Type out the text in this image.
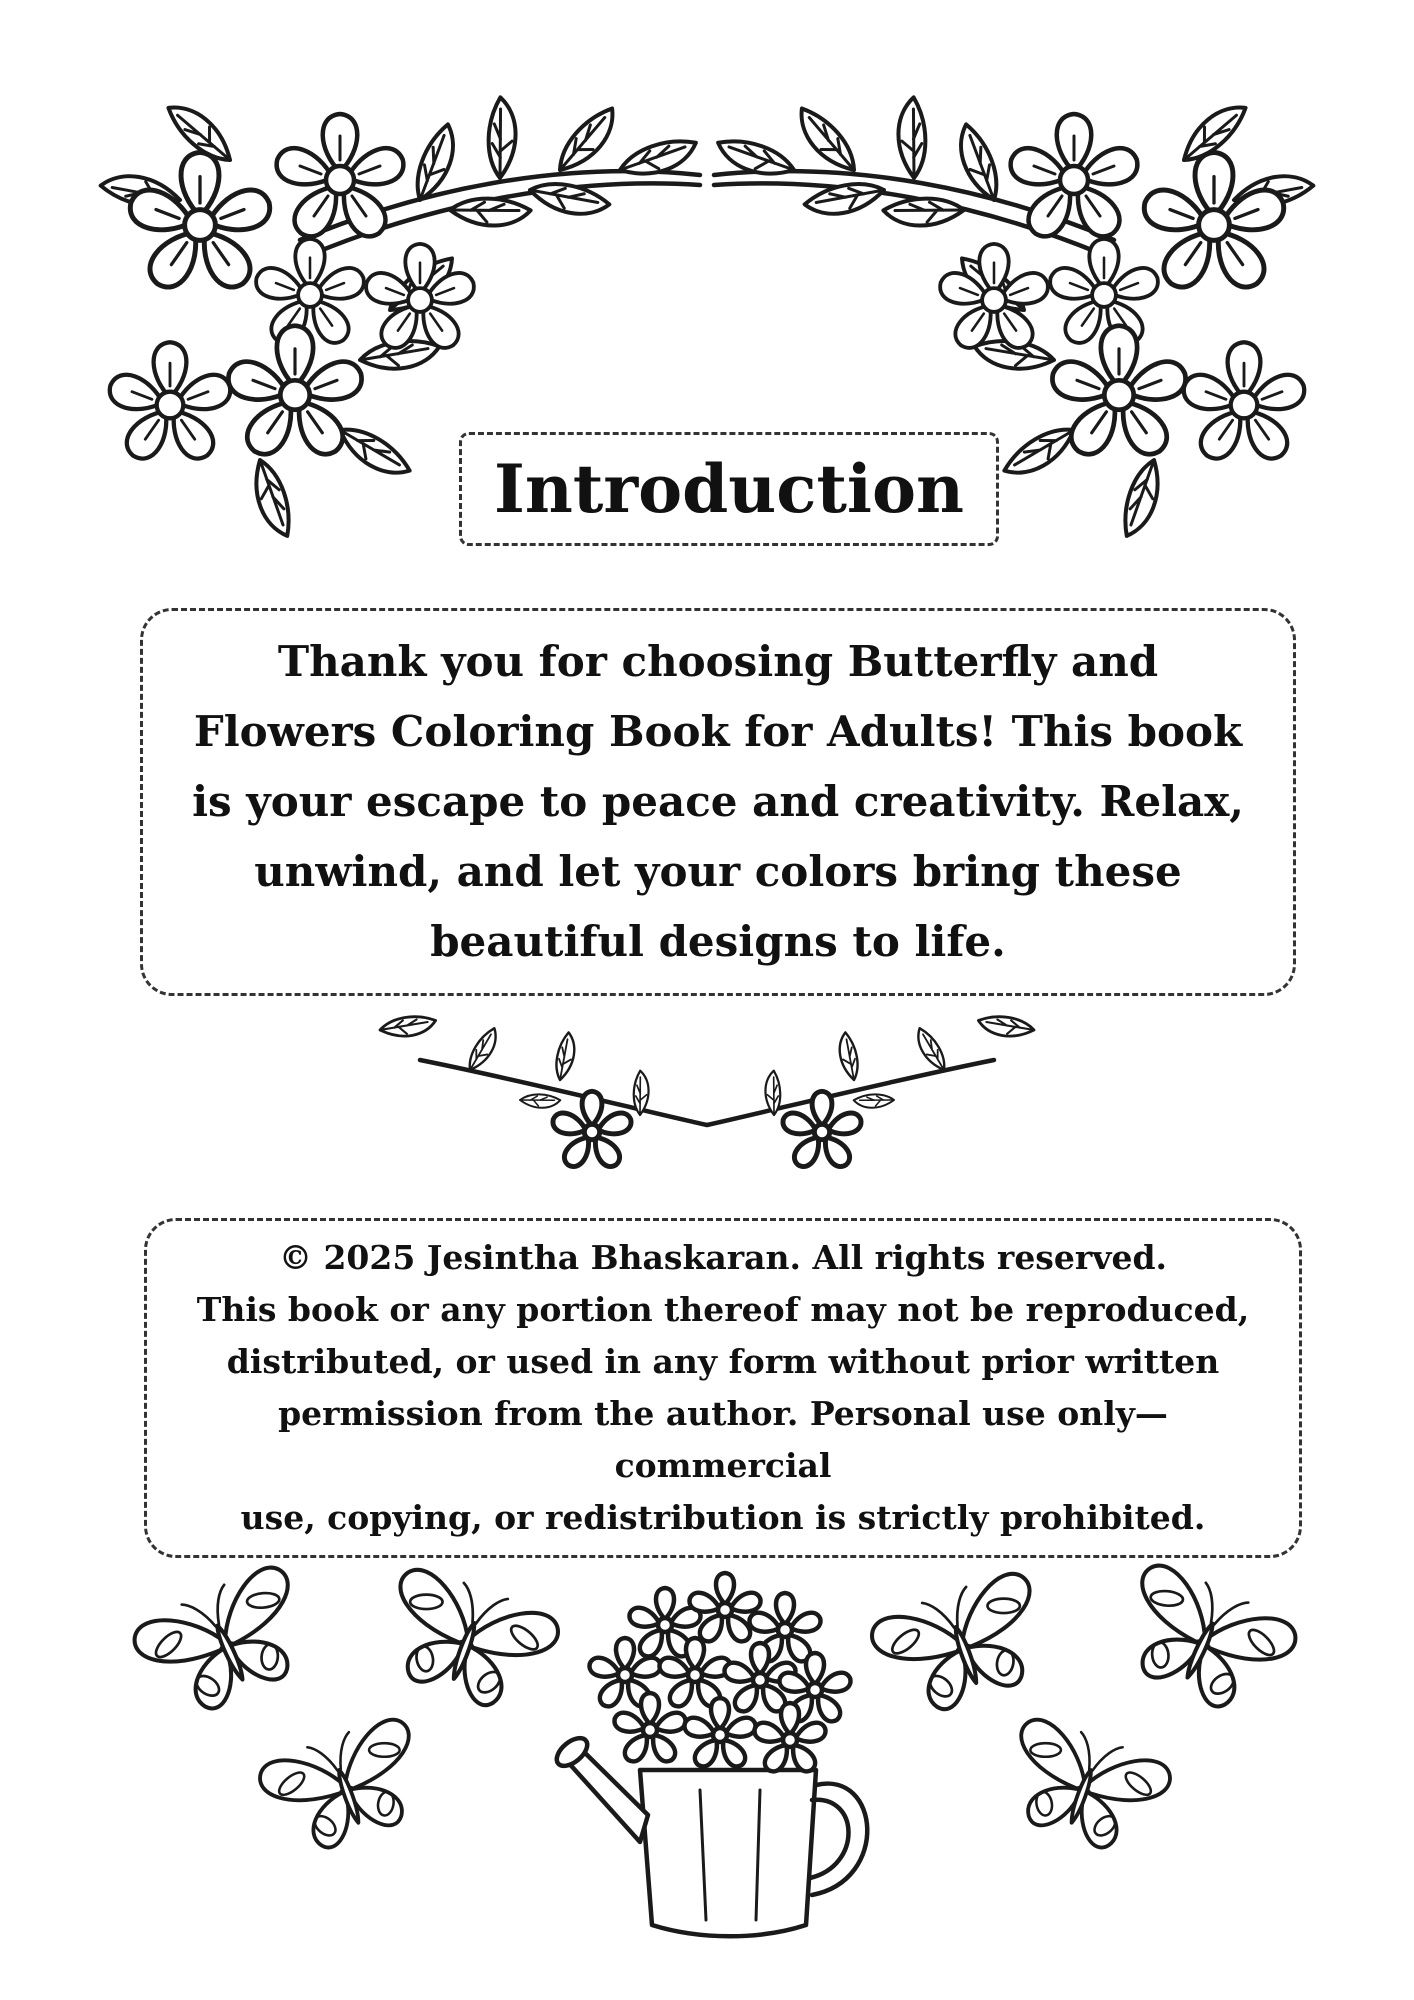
Introduction

Thank you for choosing Butterfly and
Flowers Coloring Book for Adults! This book
is your escape to peace and creativity. Relax,
unwind, and let your colors bring these
beautiful designs to life.

© 2025 Jesintha Bhaskaran. All rights reserved.
This book or any portion thereof may not be reproduced,
distributed, or used in any form without prior written
permission from the author. Personal use only—commercial
use, copying, or redistribution is strictly prohibited.
